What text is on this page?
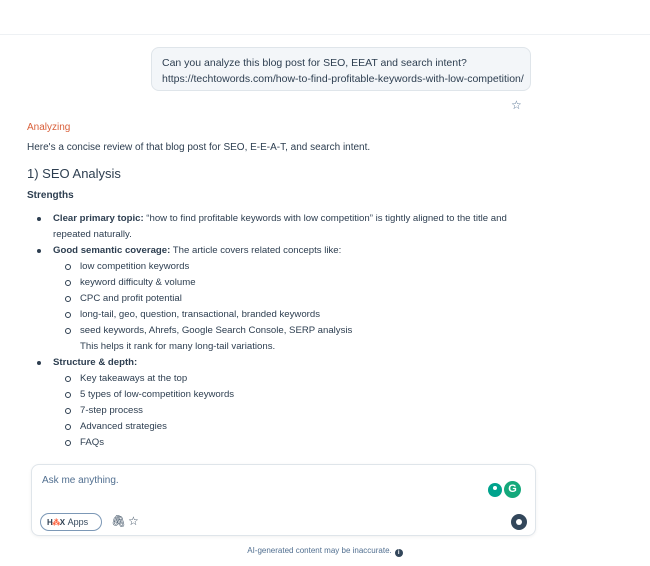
Can you analyze this blog post for SEO, EEAT and search intent?
https://techtowords.com/how-to-find-profitable-keywords-with-low-competition/
☆
Analyzing
Here's a concise review of that blog post for SEO, E-E-A-T, and search intent.
1) SEO Analysis
Strengths
Clear primary topic: “how to find profitable keywords with low competition” is tightly aligned to the title and repeated naturally.
Good semantic coverage: The article covers related concepts like:
low competition keywords
keyword difficulty & volume
CPC and profit potential
long-tail, geo, question, transactional, branded keywords
seed keywords, Ahrefs, Google Search Console, SERP analysis
This helps it rank for many long-tail variations.
Structure & depth:
Key takeaways at the top
5 types of low-competition keywords
7-step process
Advanced strategies
FAQs
Ask me anything.
G
H⁂X Apps 🖇 ☆
AI-generated content may be inaccurate. i
